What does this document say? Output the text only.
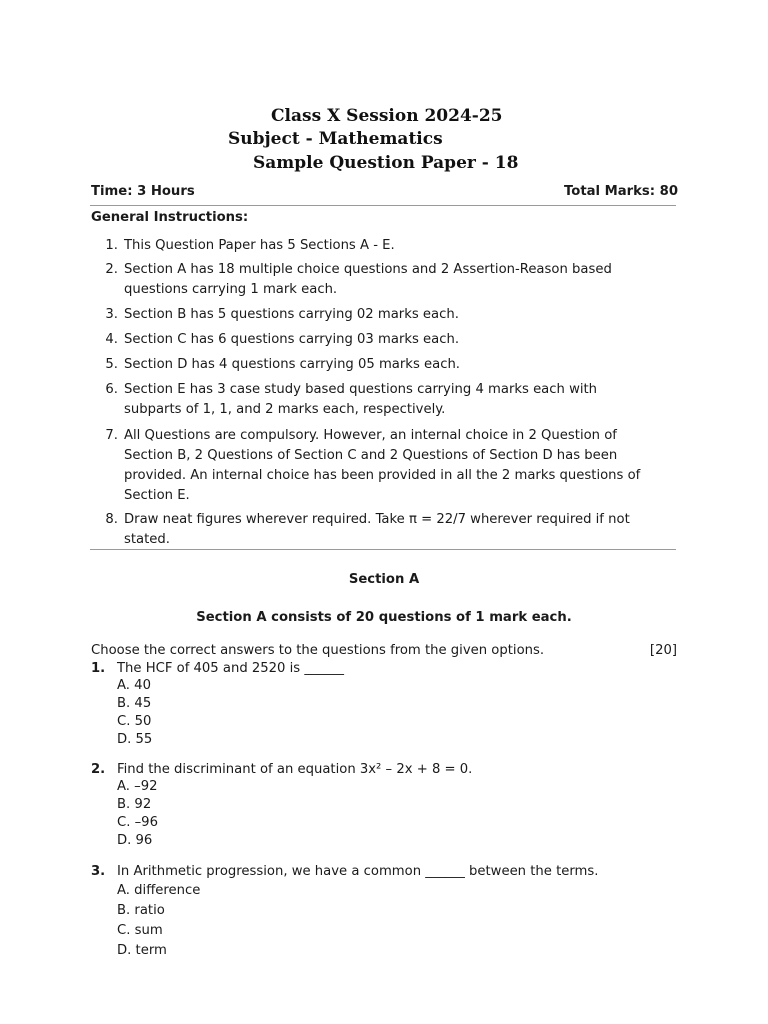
Class X Session 2024-25
Subject - Mathematics
Sample Question Paper - 18
Time: 3 Hours	Total Marks: 80
General Instructions:
1. This Question Paper has 5 Sections A - E.
2. Section A has 18 multiple choice questions and 2 Assertion-Reason based
questions carrying 1 mark each.
3. Section B has 5 questions carrying 02 marks each.
4. Section C has 6 questions carrying 03 marks each.
5. Section D has 4 questions carrying 05 marks each.
6. Section E has 3 case study based questions carrying 4 marks each with
subparts of 1, 1, and 2 marks each, respectively.
7. All Questions are compulsory. However, an internal choice in 2 Question of
Section B, 2 Questions of Section C and 2 Questions of Section D has been
provided. An internal choice has been provided in all the 2 marks questions of
Section E.
8. Draw neat figures wherever required. Take π = 22/7 wherever required if not
stated.
Section A
Section A consists of 20 questions of 1 mark each.
Choose the correct answers to the questions from the given options.	[20]
1. The HCF of 405 and 2520 is ______
A. 40
B. 45
C. 50
D. 55
2. Find the discriminant of an equation 3x² – 2x + 8 = 0.
A. –92
B. 92
C. –96
D. 96
3. In Arithmetic progression, we have a common ______ between the terms.
A. difference
B. ratio
C. sum
D. term
